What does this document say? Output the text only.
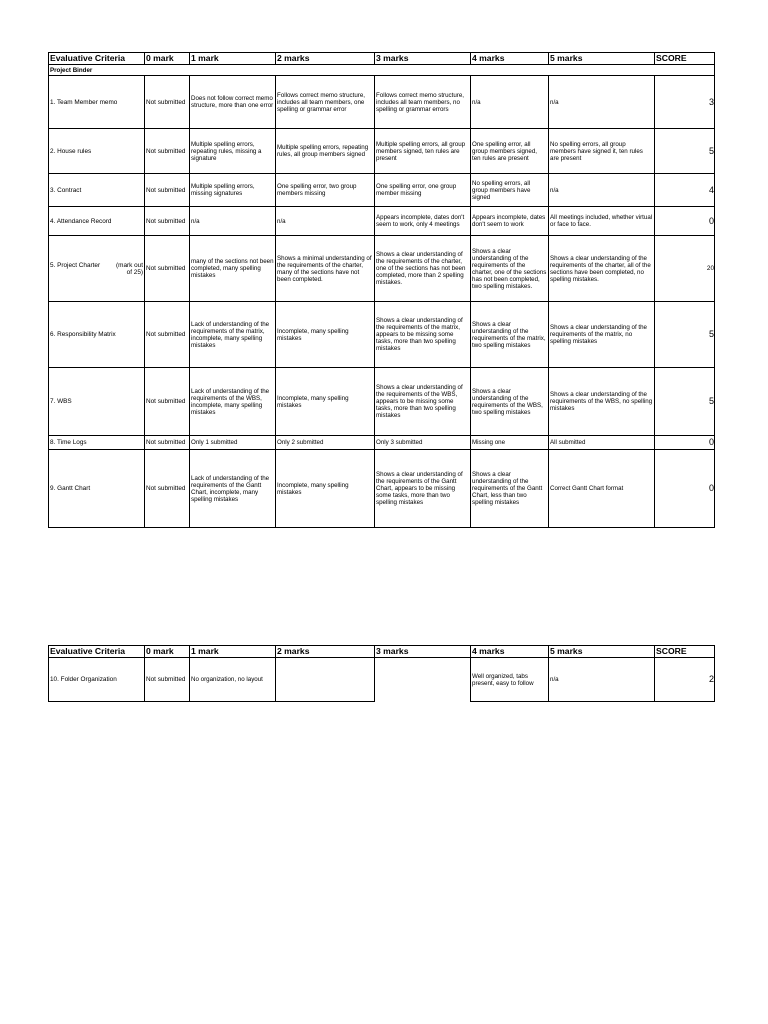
Evaluative Criteria	0 mark	1 mark	2 marks	3 marks	4 marks	5 marks	SCORE
Project Binder							
1. Team Member memo	Not submitted	Does not follow correct memo structure, more than one error	Follows correct memo structure, includes all team members, one spelling or grammar error	Follows correct memo structure, includes all team members, no spelling or grammar errors	n/a	n/a	3
2. House rules	Not submitted	Multiple spelling errors, repeating rules, missing a signature	Multiple spelling errors, repeating rules, all group members signed	Multiple spelling errors, all group members signed, ten rules are present	One spelling error, all group members signed, ten rules are present	No spelling errors, all group members have signed it, ten rules are present	5
3. Contract	Not submitted	Multiple spelling errors, missing signatures	One spelling error, two group members missing	One spelling error, one group member missing	No spelling errors, all group members have signed	n/a	4
4. Attendance Record	Not submitted	n/a	n/a	Appears incomplete, dates don't seem to work, only 4 meetings	Appears incomplete, dates don't seem to work	All meetings included, whether virtual or face to face.	0

5. Project Charter (mark out of 25)	Not submitted	many of the sections not been completed, many spelling mistakes	Shows a minimal understanding of the requirements of the charter, many of the sections have not been completed.	Shows a clear understanding of the requirements of the charter, one of the sections has not been completed, more than 2 spelling mistakes.	Shows a clear understanding of the requirements of the charter, one of the sections has not been completed, two spelling mistakes.	Shows a clear understanding of the requirements of the charter, all of the sections have been completed, no spelling mistakes.	20
6. Responsibility Matrix	Not submitted	Lack of understanding of the requirements of the matrix, incomplete, many spelling mistakes	Incomplete, many spelling mistakes	Shows a clear understanding of the requirements of the matrix, appears to be missing some tasks, more than two spelling mistakes	Shows a clear understanding of the requirements of the matrix, two spelling mistakes	Shows a clear understanding of the requirements of the matrix, no spelling mistakes	5
7. WBS	Not submitted	Lack of understanding of the requirements of the WBS, incomplete, many spelling mistakes	Incomplete, many spelling mistakes	Shows a clear understanding of the requirements of the WBS, appears to be missing some tasks, more than two spelling mistakes	Shows a clear understanding of the requirements of the WBS, two spelling mistakes	Shows a clear understanding of the requirements of the WBS, no spelling mistakes	5
8. Time Logs	Not submitted	Only 1 submitted	Only 2 submitted	Only 3 submitted	Missing one	All submitted	0
9. Gantt Chart	Not submitted	Lack of understanding of the requirements of the Gantt Chart, incomplete, many spelling mistakes	Incomplete, many spelling mistakes	Shows a clear understanding of the requirements of the Gantt Chart, appears to be missing some tasks, more than two spelling mistakes	Shows a clear understanding of the requirements of the Gantt Chart, less than two spelling mistakes	Correct Gantt Chart format	0
Evaluative Criteria	0 mark	1 mark	2 marks	3 marks	4 marks	5 marks	SCORE
10. Folder Organization	Not submitted	No organization, no layout			Well organized, tabs present, easy to follow	n/a	2
